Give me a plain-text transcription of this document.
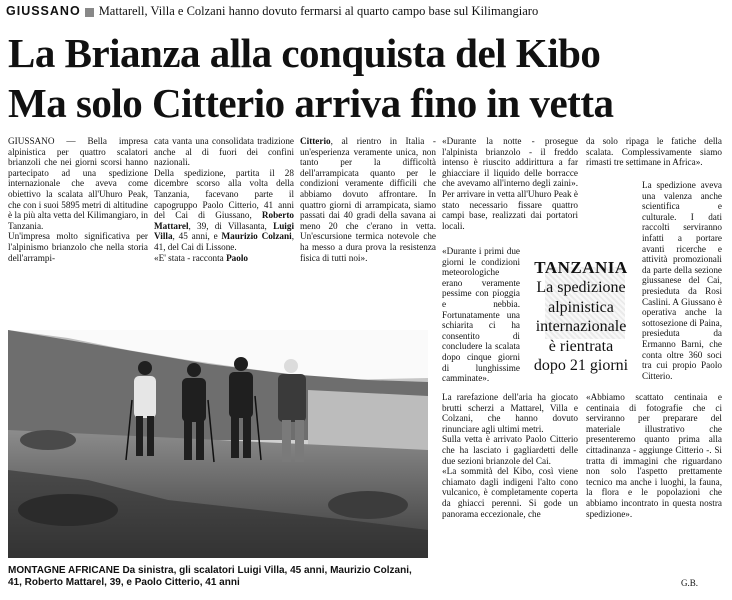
GIUSSANO Mattarell, Villa e Colzani hanno dovuto fermarsi al quarto campo base sul Kilimangiaro
La Brianza alla conquista del Kibo
Ma solo Citterio arriva fino in vetta

GIUSSANO — Bella impresa alpinistica per quattro scalatori brianzoli che nei giorni scorsi hanno partecipato ad una spedizione internazionale che aveva come obiettivo la scalata all'Uhuro Peak, che con i suoi 5895 metri di altitudine è la più alta vetta del Kilimangiaro, in Tanzania.

Un'impresa molto significativa per l'alpinismo brianzolo che nella storia dell'arrampi-

cata vanta una consolidata tradizione anche al di fuori dei confini nazionali.

Della spedizione, partita il 28 dicembre scorso alla volta della Tanzania, facevano parte il capogruppo Paolo Citterio, 41 anni del Cai di Giussano, Roberto Mattarel, 39, di Villasanta, Luigi Villa, 45 anni, e Maurizio Colzani, 41, del Cai di Lissone.

«E' stata - racconta Paolo

Citterio, al rientro in Italia - un'esperienza veramente unica, non tanto per la difficoltà dell'arrampicata quanto per le condizioni veramente difficili che abbiamo dovuto affrontare. In quattro giorni di arrampicata, siamo passati dai 40 gradi della savana ai meno 20 che c'erano in vetta. Un'escursione termica notevole che ha messo a dura prova la resistenza fisica di tutti noi».

«Durante la notte - prosegue l'alpinista brianzolo - il freddo intenso è riuscito addirittura a far ghiacciare il liquido delle borracce che avevamo all'interno degli zaini». Per arrivare in vetta all'Uhuro Peak è stato necessario fissare quattro campi base, realizzati dai portatori locali.

«Durante i primi due giorni le condizioni meteorologiche erano veramente pessime con pioggia e nebbia. Fortunatamente una schiarita ci ha consentito di concludere la scalata dopo cinque giorni di lunghissime camminate».

La rarefazione dell'aria ha giocato brutti scherzi a Mattarel, Villa e Colzani, che hanno dovuto rinunciare agli ultimi metri.

Sulla vetta è arrivato Paolo Citterio che ha lasciato i gagliardetti delle due sezioni brianzole del Cai.

«La sommità del Kibo, così viene chiamato dagli indigeni l'alto cono vulcanico, è completamente coperta da ghiacci perenni. Si gode un panorama eccezionale, che

da solo ripaga le fatiche della scalata. Complessivamente siamo rimasti tre settimane in Africa».

La spedizione aveva una valenza anche scientifica e culturale. I dati raccolti serviranno infatti a portare avanti ricerche e attività promozionali da parte della sezione giussanese del Cai, presieduta da Rosi Caslini. A Giussano è operativa anche la sottosezione di Paina, presieduta da Ermanno Barni, che conta oltre 360 soci tra cui propio Paolo Citterio.

«Abbiamo scattato centinaia e centinaia di fotografie che ci serviranno per preparare del materiale illustrativo che presenteremo quanto prima alla cittadinanza - aggiunge Citterio -. Si tratta di immagini che riguardano non solo l'aspetto prettamente tecnico ma anche i luoghi, la fauna, la flora e le popolazioni che abbiamo incontrato in questa nostra spedizione».

G.B.
TANZANIA
La spedizione
alpinistica
internazionale
è rientrata
dopo 21 giorni
MONTAGNE AFRICANE Da sinistra, gli scalatori Luigi Villa, 45 anni, Maurizio Colzani, 41, Roberto Mattarel, 39, e Paolo Citterio, 41 anni
